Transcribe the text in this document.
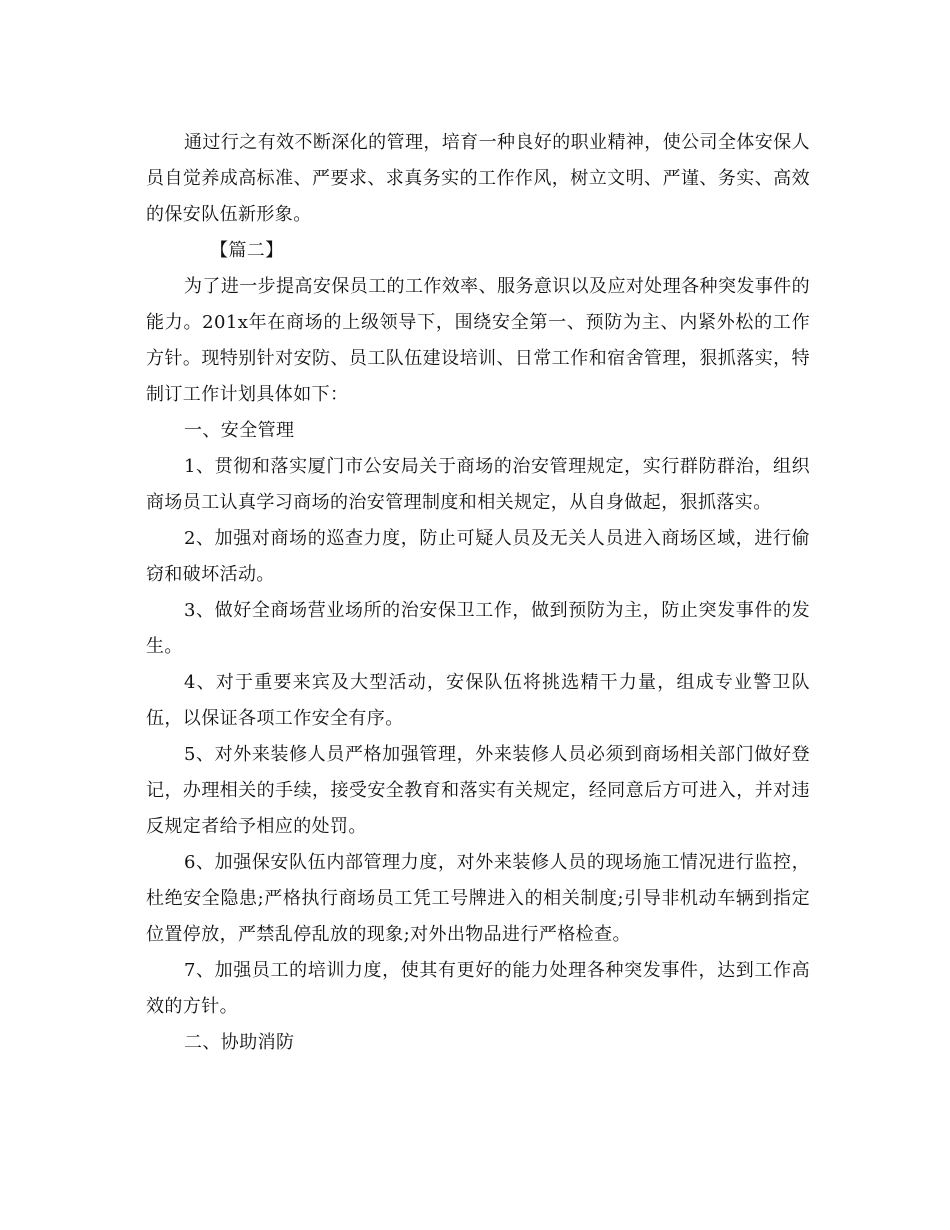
通过行之有效不断深化的管理，培育一种良好的职业精神，使公司全体安保人员自觉养成高标准、严要求、求真务实的工作作风，树立文明、严谨、务实、高效的保安队伍新形象。

【篇二】

为了进一步提高安保员工的工作效率、服务意识以及应对处理各种突发事件的能力。201x年在商场的上级领导下，围绕安全第一、预防为主、内紧外松的工作方针。现特别针对安防、员工队伍建设培训、日常工作和宿舍管理，狠抓落实，特制订工作计划具体如下：

一、安全管理

1、贯彻和落实厦门市公安局关于商场的治安管理规定，实行群防群治，组织商场员工认真学习商场的治安管理制度和相关规定，从自身做起，狠抓落实。

2、加强对商场的巡查力度，防止可疑人员及无关人员进入商场区域，进行偷窃和破坏活动。

3、做好全商场营业场所的治安保卫工作，做到预防为主，防止突发事件的发生。

4、对于重要来宾及大型活动，安保队伍将挑选精干力量，组成专业警卫队伍，以保证各项工作安全有序。

5、对外来装修人员严格加强管理，外来装修人员必须到商场相关部门做好登记，办理相关的手续，接受安全教育和落实有关规定，经同意后方可进入，并对违反规定者给予相应的处罚。

6、加强保安队伍内部管理力度，对外来装修人员的现场施工情况进行监控，杜绝安全隐患;严格执行商场员工凭工号牌进入的相关制度;引导非机动车辆到指定位置停放，严禁乱停乱放的现象;对外出物品进行严格检查。

7、加强员工的培训力度，使其有更好的能力处理各种突发事件，达到工作高效的方针。

二、协助消防
